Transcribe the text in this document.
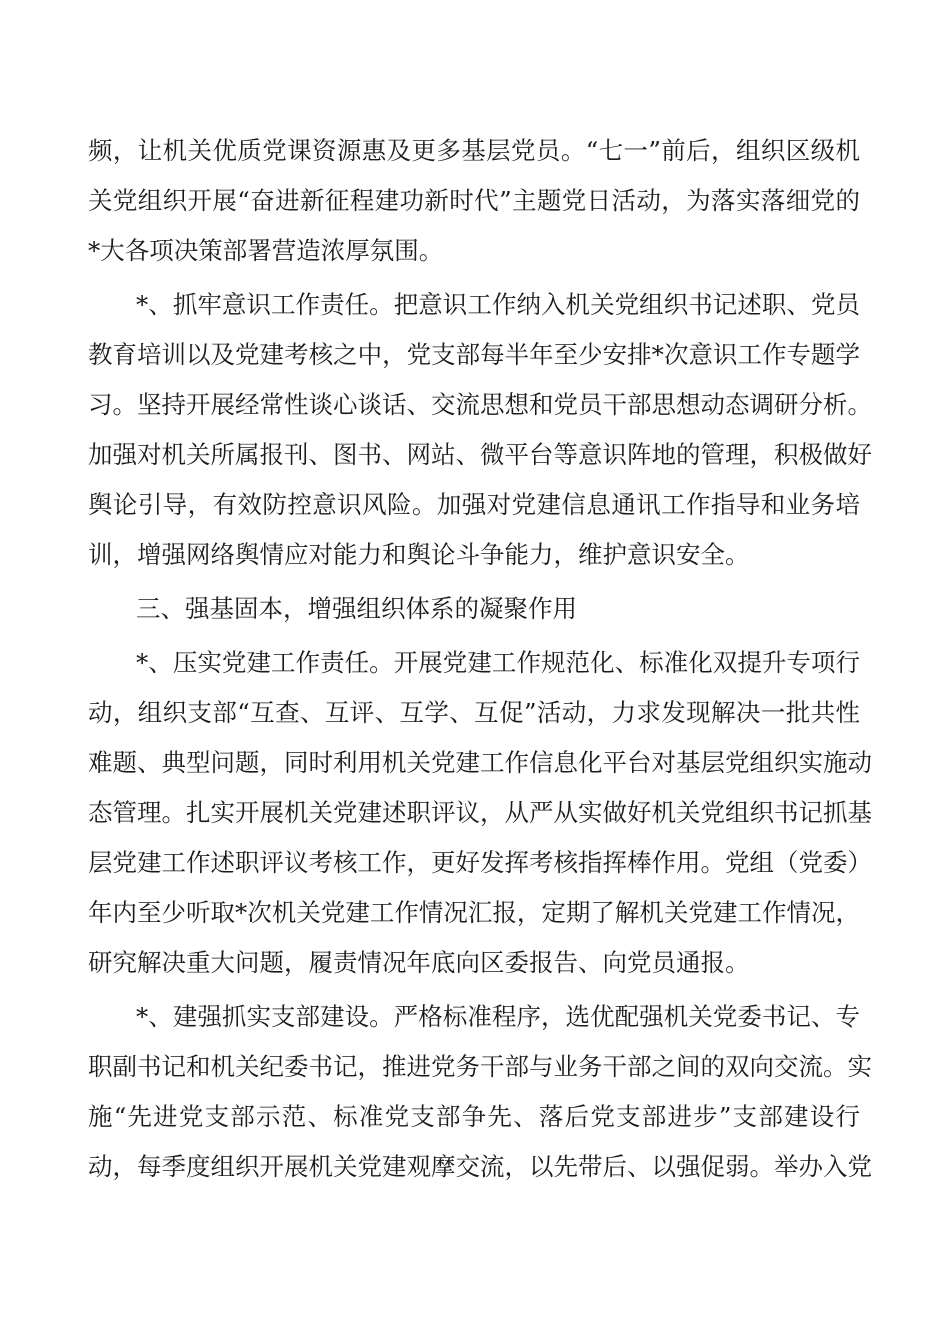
频，让机关优质党课资源惠及更多基层党员。“七一”前后，组织区级机
关党组织开展“奋进新征程建功新时代”主题党日活动，为落实落细党的
*大各项决策部署营造浓厚氛围。
*、抓牢意识工作责任。把意识工作纳入机关党组织书记述职、党员
教育培训以及党建考核之中，党支部每半年至少安排*次意识工作专题学
习。坚持开展经常性谈心谈话、交流思想和党员干部思想动态调研分析。
加强对机关所属报刊、图书、网站、微平台等意识阵地的管理，积极做好
舆论引导，有效防控意识风险。加强对党建信息通讯工作指导和业务培
训，增强网络舆情应对能力和舆论斗争能力，维护意识安全。
三、强基固本，增强组织体系的凝聚作用
*、压实党建工作责任。开展党建工作规范化、标准化双提升专项行
动，组织支部“互查、互评、互学、互促”活动，力求发现解决一批共性
难题、典型问题，同时利用机关党建工作信息化平台对基层党组织实施动
态管理。扎实开展机关党建述职评议，从严从实做好机关党组织书记抓基
层党建工作述职评议考核工作，更好发挥考核指挥棒作用。党组（党委）
年内至少听取*次机关党建工作情况汇报，定期了解机关党建工作情况，
研究解决重大问题，履责情况年底向区委报告、向党员通报。
*、建强抓实支部建设。严格标准程序，选优配强机关党委书记、专
职副书记和机关纪委书记，推进党务干部与业务干部之间的双向交流。实
施“先进党支部示范、标准党支部争先、落后党支部进步”支部建设行
动，每季度组织开展机关党建观摩交流，以先带后、以强促弱。举办入党
